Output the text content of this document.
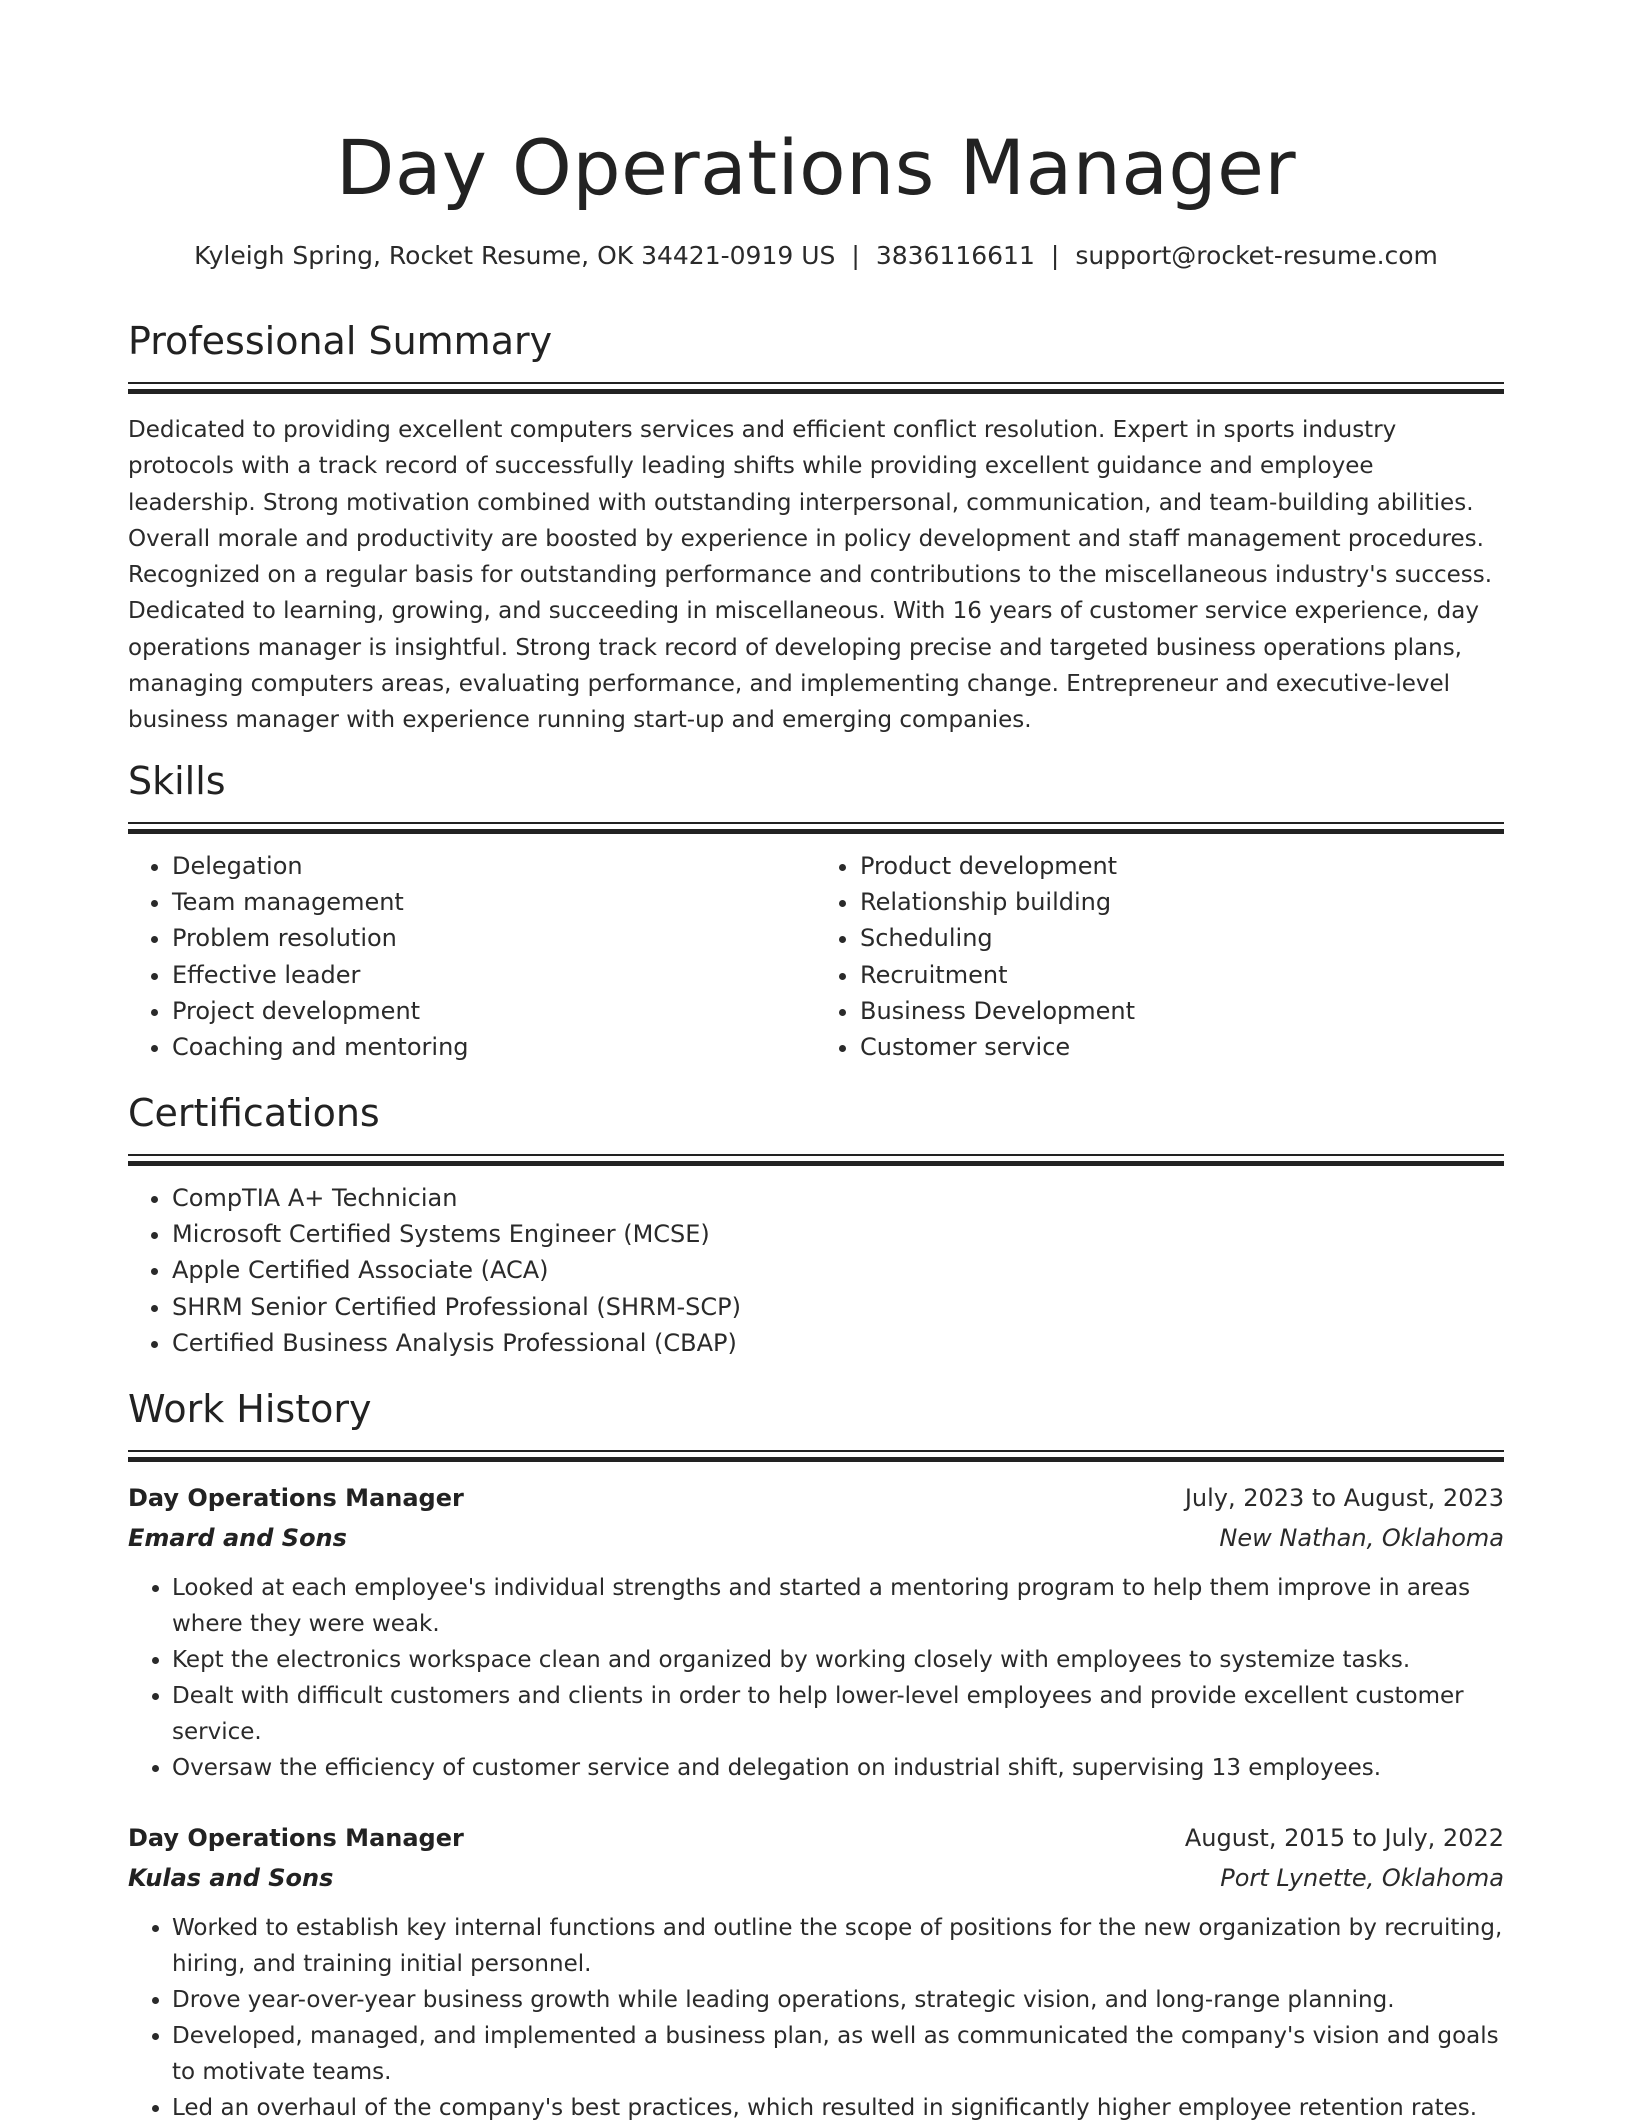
Day Operations Manager
Kyleigh Spring, Rocket Resume, OK 34421-0919 US | 3836116611 | support@rocket-resume.com
Professional Summary

Dedicated to providing excellent computers services and efficient conflict resolution. Expert in sports industry protocols with a track record of successfully leading shifts while providing excellent guidance and employee leadership. Strong motivation combined with outstanding interpersonal, communication, and team-building abilities. Overall morale and productivity are boosted by experience in policy development and staff management procedures. Recognized on a regular basis for outstanding performance and contributions to the miscellaneous industry's success. Dedicated to learning, growing, and succeeding in miscellaneous. With 16 years of customer service experience, day operations manager is insightful. Strong track record of developing precise and targeted business operations plans, managing computers areas, evaluating performance, and implementing change. Entrepreneur and executive-level business manager with experience running start-up and emerging companies.

Skills
• Delegation
• Team management
• Problem resolution
• Effective leader
• Project development
• Coaching and mentoring
• Product development
• Relationship building
• Scheduling
• Recruitment
• Business Development
• Customer service
Certifications
• CompTIA A+ Technician
• Microsoft Certified Systems Engineer (MCSE)
• Apple Certified Associate (ACA)
• SHRM Senior Certified Professional (SHRM-SCP)
• Certified Business Analysis Professional (CBAP)
Work History
Day Operations Manager	July, 2023 to August, 2023
Emard and Sons	New Nathan, Oklahoma
• Looked at each employee's individual strengths and started a mentoring program to help them improve in areas where they were weak.
• Kept the electronics workspace clean and organized by working closely with employees to systemize tasks.
• Dealt with difficult customers and clients in order to help lower-level employees and provide excellent customer service.
• Oversaw the efficiency of customer service and delegation on industrial shift, supervising 13 employees.
Day Operations Manager	August, 2015 to July, 2022
Kulas and Sons	Port Lynette, Oklahoma
• Worked to establish key internal functions and outline the scope of positions for the new organization by recruiting, hiring, and training initial personnel.
• Drove year-over-year business growth while leading operations, strategic vision, and long-range planning.
• Developed, managed, and implemented a business plan, as well as communicated the company's vision and goals to motivate teams.
• Led an overhaul of the company's best practices, which resulted in significantly higher employee retention rates.
